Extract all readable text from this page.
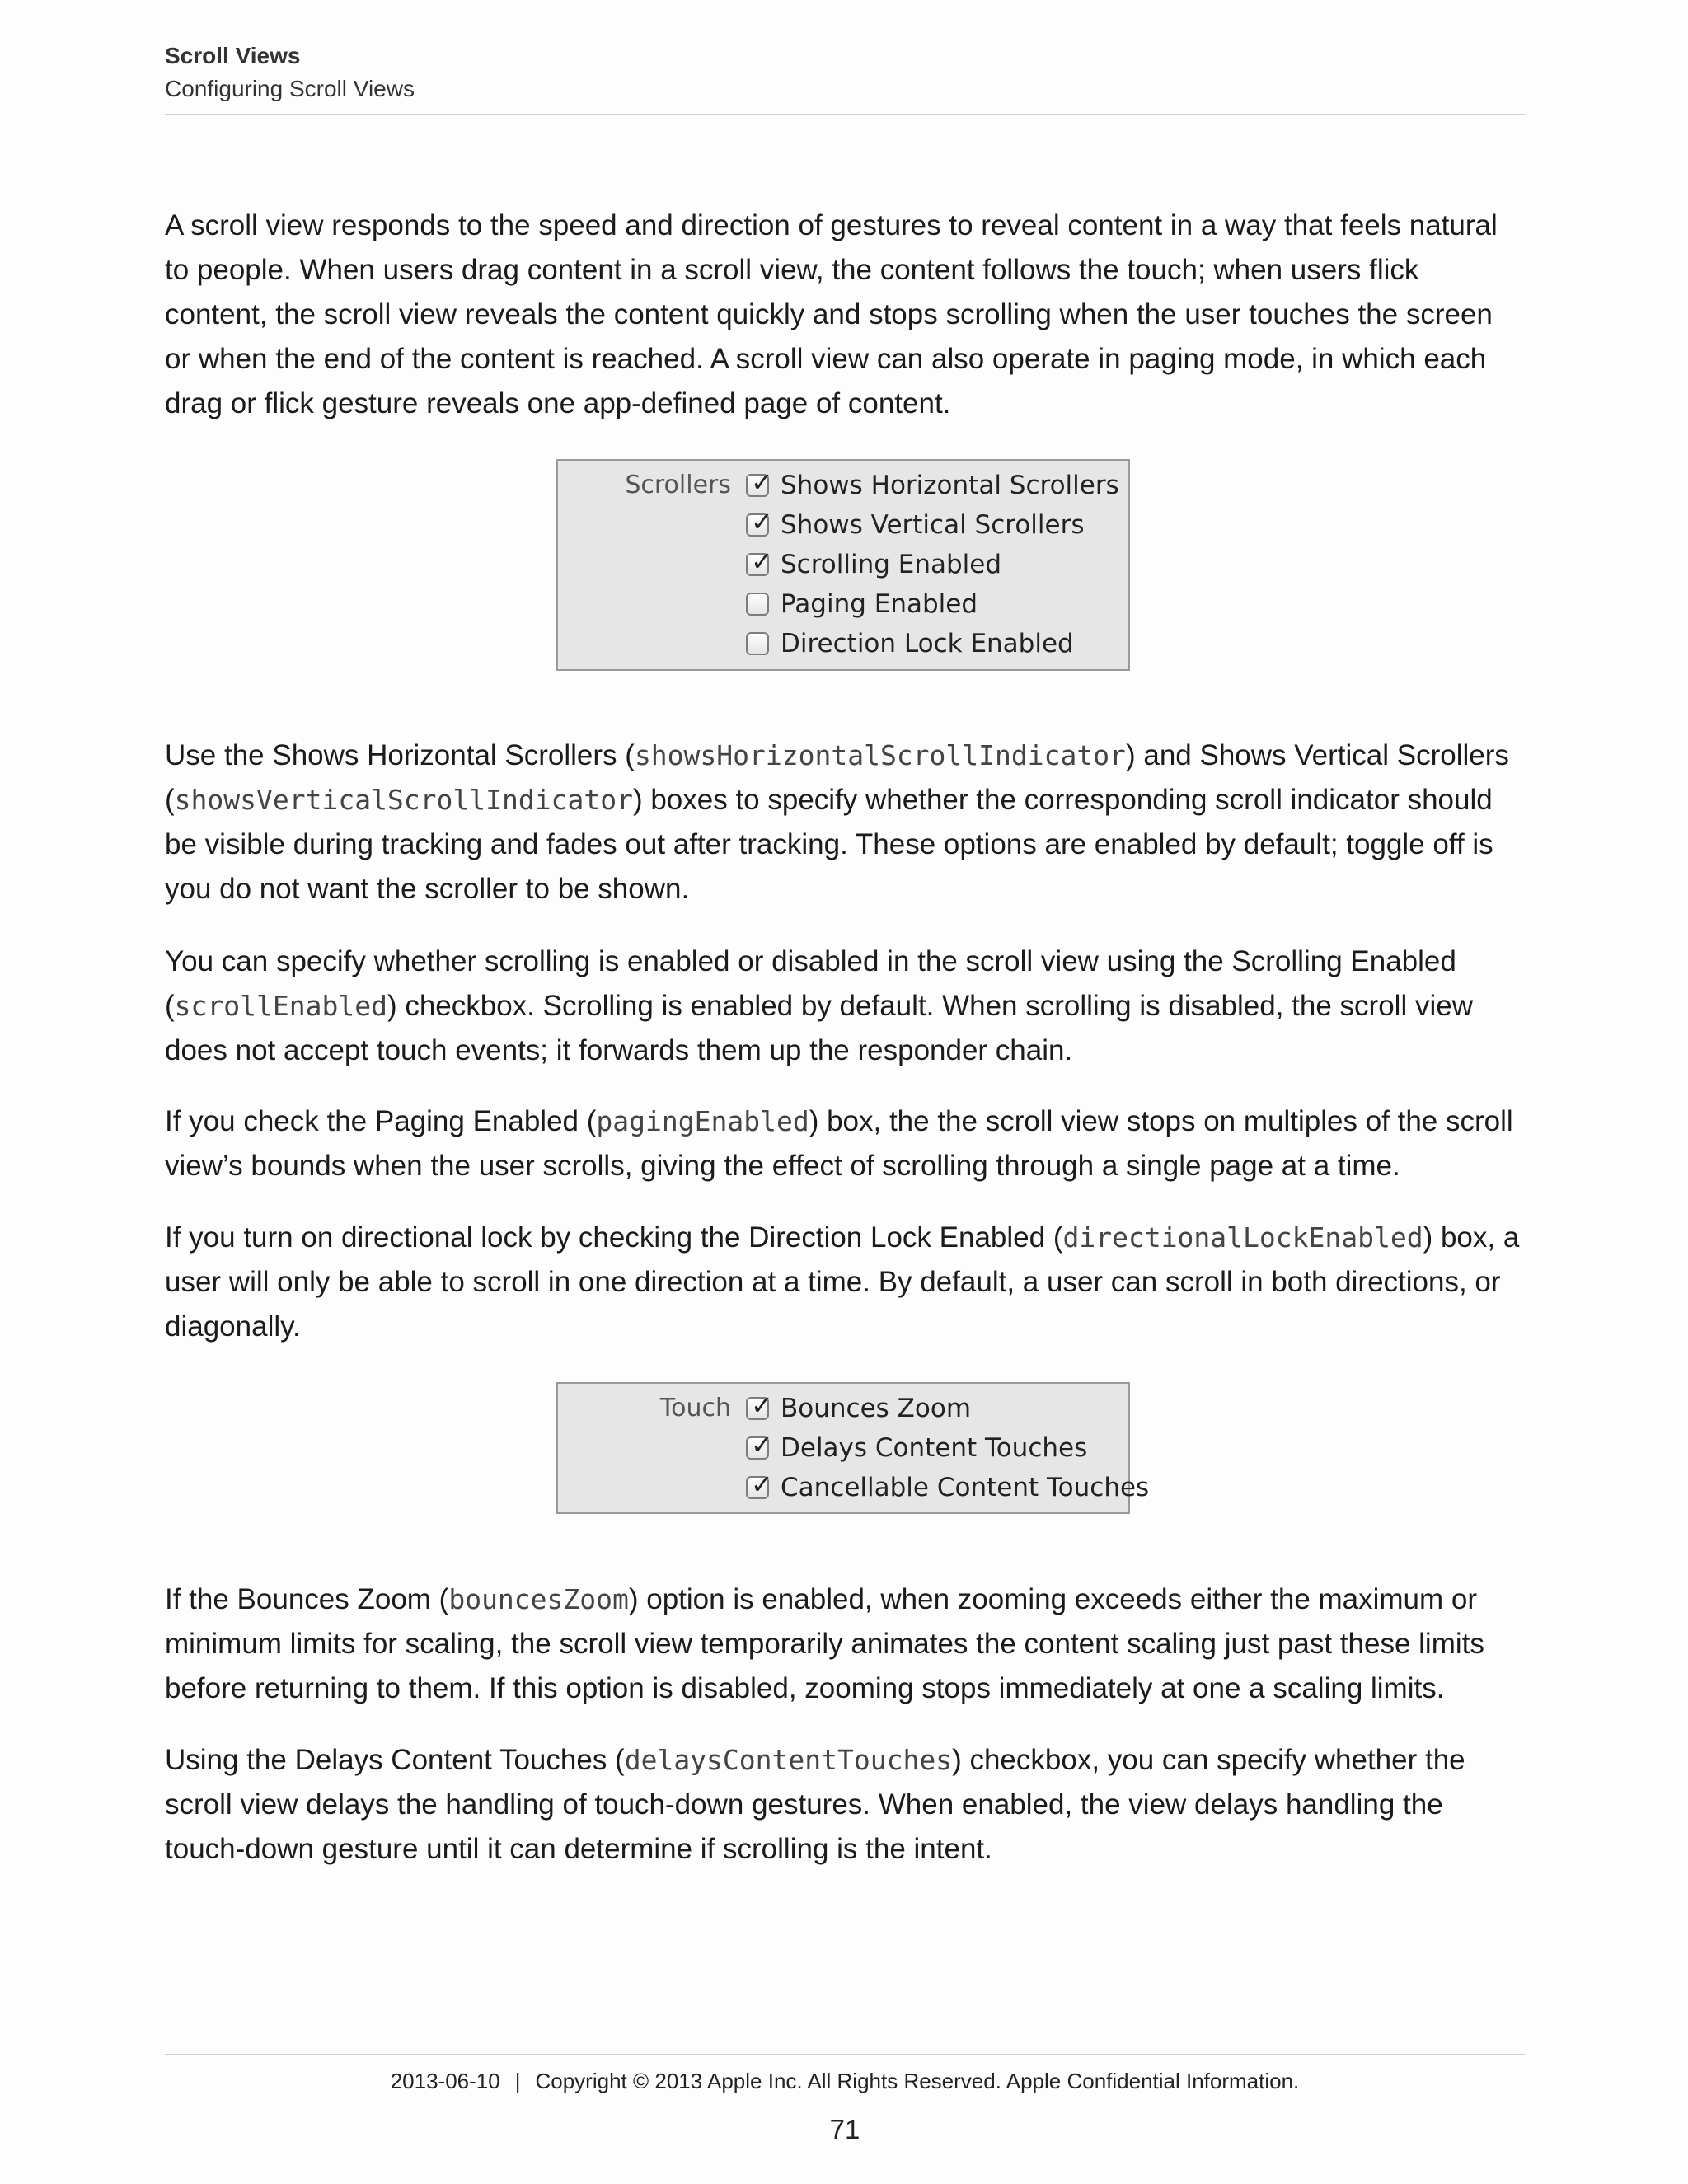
Scroll Views
Configuring Scroll Views

A scroll view responds to the speed and direction of gestures to reveal content in a way that feels natural to people. When users drag content in a scroll view, the content follows the touch; when users flick content, the scroll view reveals the content quickly and stops scrolling when the user touches the screen or when the end of the content is reached. A scroll view can also operate in paging mode, in which each drag or flick gesture reveals one app-defined page of content.

Scrollers ✓ Shows Horizontal Scrollers
✓ Shows Vertical Scrollers
✓ Scrolling Enabled
Paging Enabled
Direction Lock Enabled

Use the Shows Horizontal Scrollers (showsHorizontalScrollIndicator) and Shows Vertical Scrollers (showsVerticalScrollIndicator) boxes to specify whether the corresponding scroll indicator should be visible during tracking and fades out after tracking. These options are enabled by default; toggle off is you do not want the scroller to be shown.

You can specify whether scrolling is enabled or disabled in the scroll view using the Scrolling Enabled (scrollEnabled) checkbox. Scrolling is enabled by default. When scrolling is disabled, the scroll view does not accept touch events; it forwards them up the responder chain.

If you check the Paging Enabled (pagingEnabled) box, the the scroll view stops on multiples of the scroll view’s bounds when the user scrolls, giving the effect of scrolling through a single page at a time.

If you turn on directional lock by checking the Direction Lock Enabled (directionalLockEnabled) box, a user will only be able to scroll in one direction at a time. By default, a user can scroll in both directions, or diagonally.

Touch ✓ Bounces Zoom
✓ Delays Content Touches
✓ Cancellable Content Touches

If the Bounces Zoom (bouncesZoom) option is enabled, when zooming exceeds either the maximum or minimum limits for scaling, the scroll view temporarily animates the content scaling just past these limits before returning to them. If this option is disabled, zooming stops immediately at one a scaling limits.

Using the Delays Content Touches (delaysContentTouches) checkbox, you can specify whether the scroll view delays the handling of touch-down gestures. When enabled, the view delays handling the touch-down gesture until it can determine if scrolling is the intent.

2013-06-10 | Copyright © 2013 Apple Inc. All Rights Reserved. Apple Confidential Information.
71
